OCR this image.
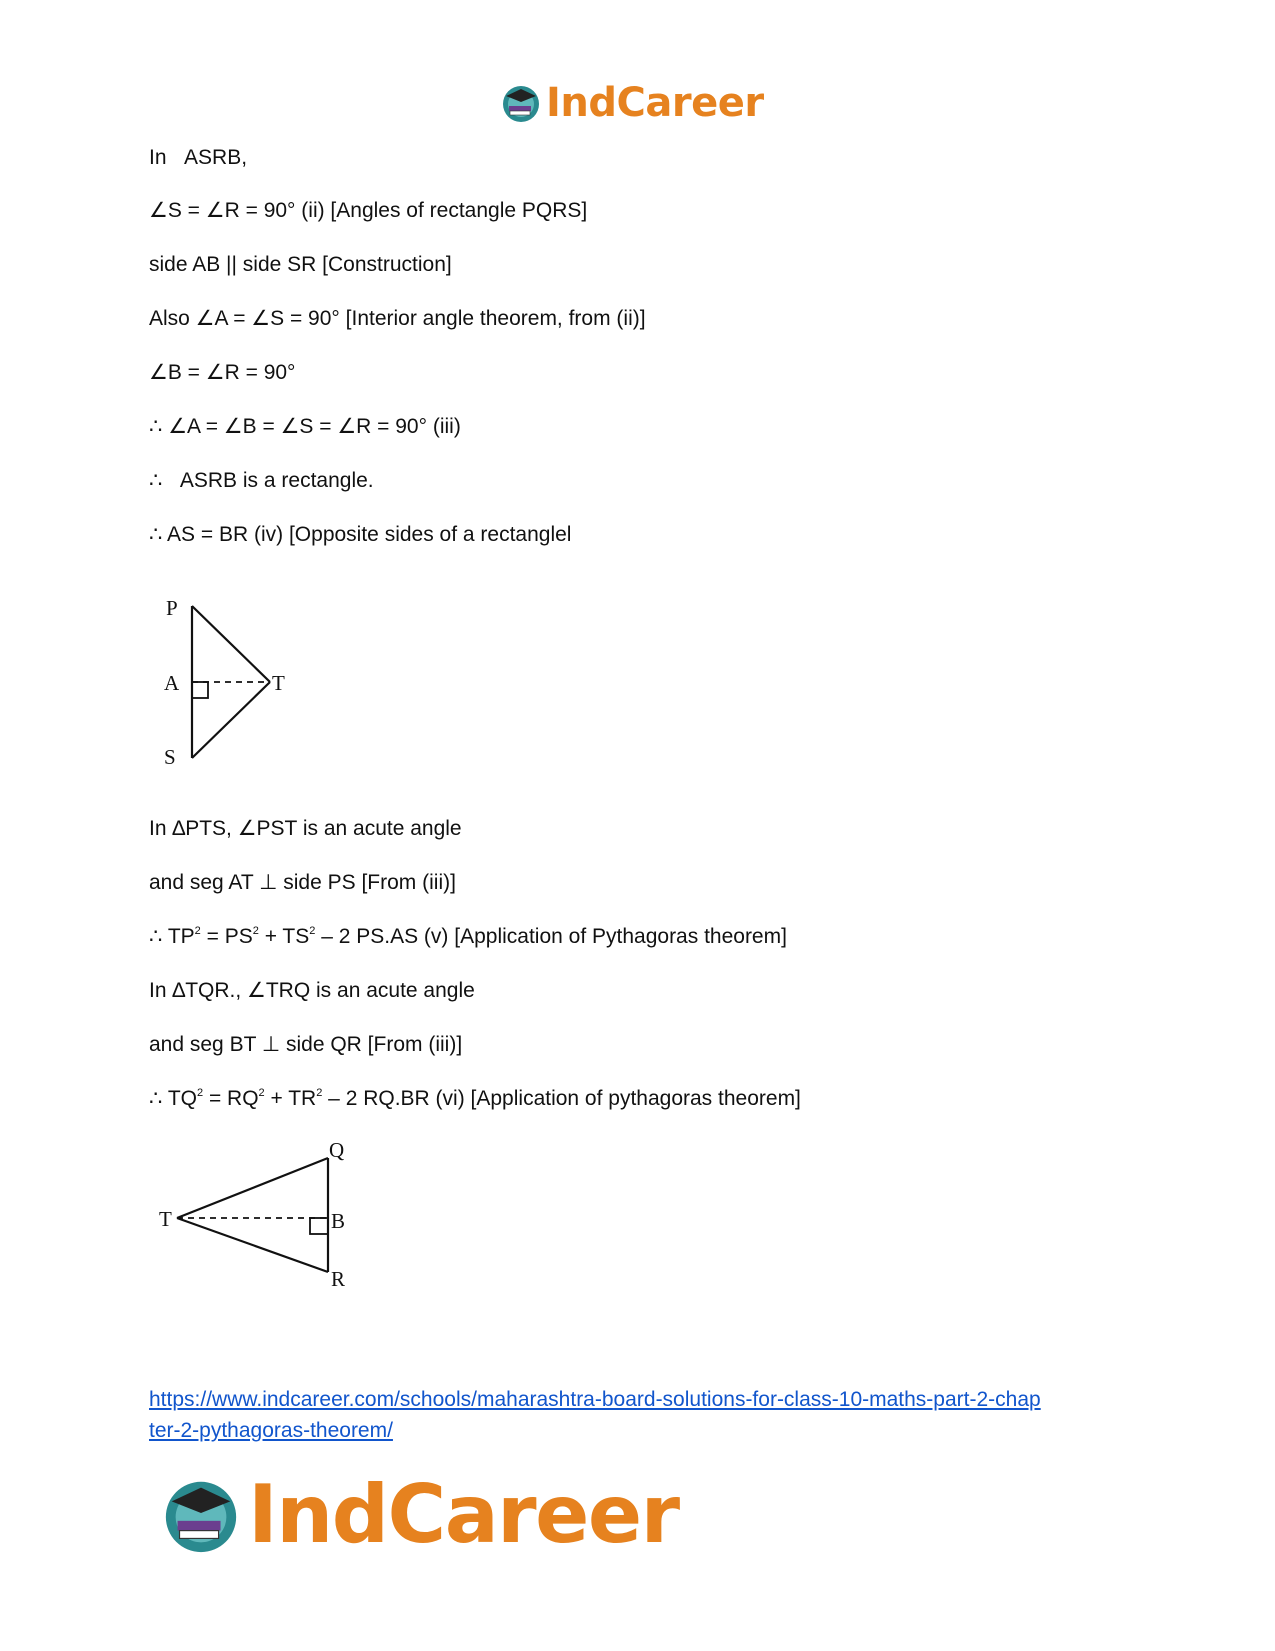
IndCareer
In   ASRB,
∠S = ∠R = 90° (ii) [Angles of rectangle PQRS]
side AB || side SR [Construction]
Also ∠A = ∠S = 90° [Interior angle theorem, from (ii)]
∠B = ∠R = 90°
∴ ∠A = ∠B = ∠S = ∠R = 90° (iii)
∴   ASRB is a rectangle.
∴ AS = BR (iv) [Opposite sides of a rectanglel
P
A	T
S
In ∆PTS, ∠PST is an acute angle
and seg AT ⊥ side PS [From (iii)]
∴ $TP^2 = PS^2 + TS^2 - 2$ PS.AS (v) [Application of Pythagoras theorem]
In ∆TQR., ∠TRQ is an acute angle
and seg BT ⊥ side QR [From (iii)]
∴ $TQ^2 = RQ^2 + TR^2 - 2$ RQ.BR (vi) [Application of pythagoras theorem]
Q
T	B
R
https://www.indcareer.com/schools/maharashtra-board-solutions-for-class-10-maths-part-2-chap
ter-2-pythagoras-theorem/
IndCareer
